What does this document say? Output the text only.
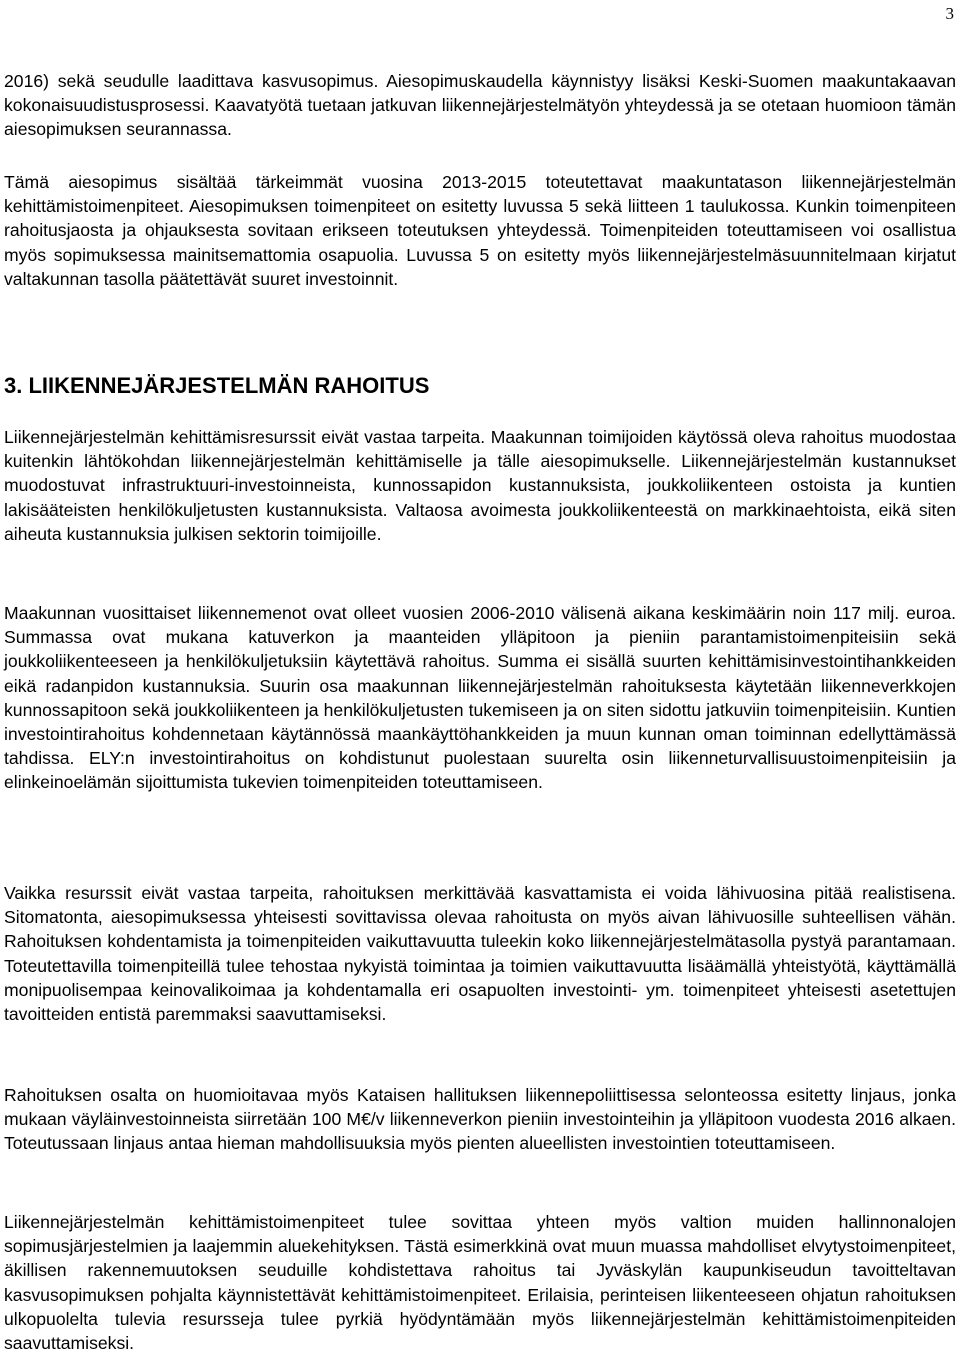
3

2016) sekä seudulle laadittava kasvusopimus. Aiesopimuskaudella käynnistyy lisäksi Keski-Suomen maakuntakaavan kokonaisuudistusprosessi. Kaavatyötä tuetaan jatkuvan liikennejärjestelmätyön yhteydessä ja se otetaan huomioon tämän aiesopimuksen seurannassa.

Tämä aiesopimus sisältää tärkeimmät vuosina 2013-2015 toteutettavat maakuntatason liikennejärjestelmän kehittämistoimenpiteet. Aiesopimuksen toimenpiteet on esitetty luvussa 5 sekä liitteen 1 taulukossa. Kunkin toimenpiteen rahoitusjaosta ja ohjauksesta sovitaan erikseen toteutuksen yhteydessä. Toimenpiteiden toteuttamiseen voi osallistua myös sopimuksessa mainitsemattomia osapuolia. Luvussa 5 on esitetty myös liikennejärjestelmäsuunnitelmaan kirjatut valtakunnan tasolla päätettävät suuret investoinnit.

3. LIIKENNEJÄRJESTELMÄN RAHOITUS

Liikennejärjestelmän kehittämisresurssit eivät vastaa tarpeita. Maakunnan toimijoiden käytössä oleva rahoitus muodostaa kuitenkin lähtökohdan liikennejärjestelmän kehittämiselle ja tälle aiesopimukselle. Liikennejärjestelmän kustannukset muodostuvat infrastruktuuri-investoinneista, kunnossapidon kustannuksista, joukkoliikenteen ostoista ja kuntien lakisääteisten henkilökuljetusten kustannuksista. Valtaosa avoimesta joukkoliikenteestä on markkinaehtoista, eikä siten aiheuta kustannuksia julkisen sektorin toimijoille.

Maakunnan vuosittaiset liikennemenot ovat olleet vuosien 2006-2010 välisenä aikana keskimäärin noin 117 milj. euroa. Summassa ovat mukana katuverkon ja maanteiden ylläpitoon ja pieniin parantamistoimenpiteisiin sekä joukkoliikenteeseen ja henkilökuljetuksiin käytettävä rahoitus. Summa ei sisällä suurten kehittämisinvestointihankkeiden eikä radanpidon kustannuksia. Suurin osa maakunnan liikennejärjestelmän rahoituksesta käytetään liikenneverkkojen kunnossapitoon sekä joukkoliikenteen ja henkilökuljetusten tukemiseen ja on siten sidottu jatkuviin toimenpiteisiin. Kuntien investointirahoitus kohdennetaan käytännössä maankäyttöhankkeiden ja muun kunnan oman toiminnan edellyttämässä tahdissa. ELY:n investointirahoitus on kohdistunut puolestaan suurelta osin liikenneturvallisuustoimenpiteisiin ja elinkeinoelämän sijoittumista tukevien toimenpiteiden toteuttamiseen.

Vaikka resurssit eivät vastaa tarpeita, rahoituksen merkittävää kasvattamista ei voida lähivuosina pitää realistisena. Sitomatonta, aiesopimuksessa yhteisesti sovittavissa olevaa rahoitusta on myös aivan lähivuosille suhteellisen vähän. Rahoituksen kohdentamista ja toimenpiteiden vaikuttavuutta tuleekin koko liikennejärjestelmätasolla pystyä parantamaan. Toteutettavilla toimenpiteillä tulee tehostaa nykyistä toimintaa ja toimien vaikuttavuutta lisäämällä yhteistyötä, käyttämällä monipuolisempaa keinovalikoimaa ja kohdentamalla eri osapuolten investointi- ym. toimenpiteet yhteisesti asetettujen tavoitteiden entistä paremmaksi saavuttamiseksi.

Rahoituksen osalta on huomioitavaa myös Kataisen hallituksen liikennepoliittisessa selonteossa esitetty linjaus, jonka mukaan väyläinvestoinneista siirretään 100 M€/v liikenneverkon pieniin investointeihin ja ylläpitoon vuodesta 2016 alkaen. Toteutussaan linjaus antaa hieman mahdollisuuksia myös pienten alueellisten investointien toteuttamiseen.

Liikennejärjestelmän kehittämistoimenpiteet tulee sovittaa yhteen myös valtion muiden hallinnonalojen sopimusjärjestelmien ja laajemmin aluekehityksen. Tästä esimerkkinä ovat muun muassa mahdolliset elvytystoimenpiteet, äkillisen rakennemuutoksen seuduille kohdistettava rahoitus tai Jyväskylän kaupunkiseudun tavoitteltavan kasvusopimuksen pohjalta käynnistettävät kehittämistoimenpiteet. Erilaisia, perinteisen liikenteeseen ohjatun rahoituksen ulkopuolelta tulevia resursseja tulee pyrkiä hyödyntämään myös liikennejärjestelmän kehittämistoimenpiteiden saavuttamiseksi.
